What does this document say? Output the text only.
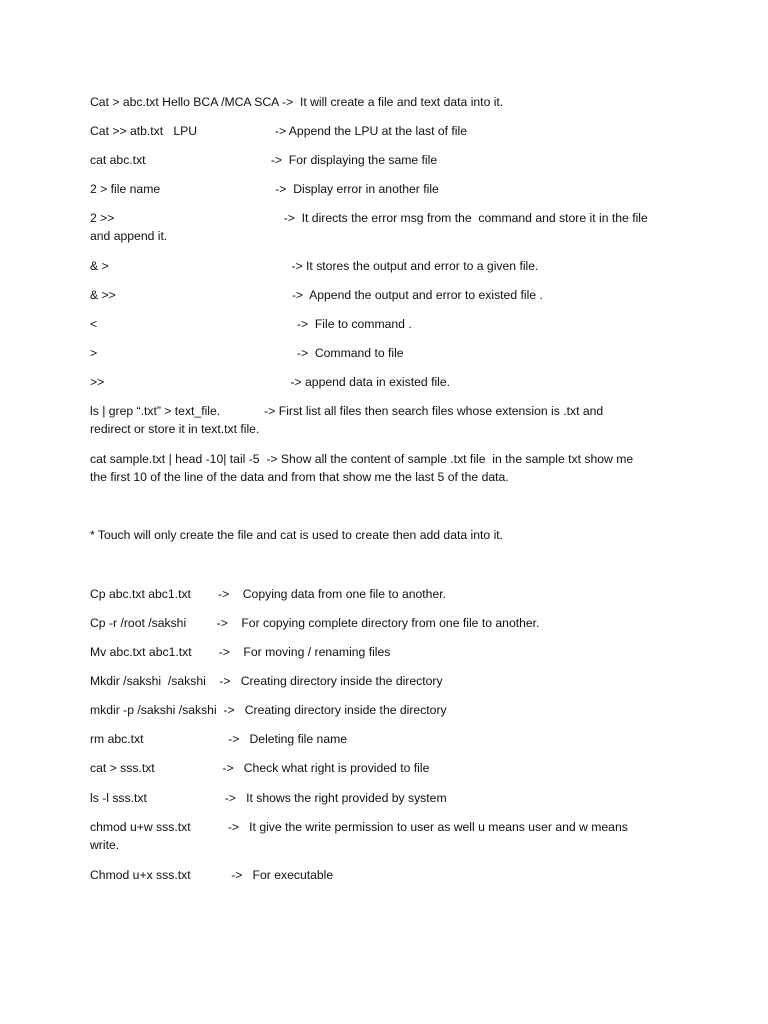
Cat > abc.txt Hello BCA /MCA SCA ->  It will create a file and text data into it.
Cat >> atb.txt   LPU                       -> Append the LPU at the last of file
cat abc.txt                                     ->  For displaying the same file
2 > file name                                  ->  Display error in another file
2 >>                                                  ->  It directs the error msg from the  command and store it in the file
and append it.
& >                                                      -> It stores the output and error to a given file.
& >>                                                    ->  Append the output and error to existed file .
<                                                           ->  File to command .
>                                                           ->  Command to file
>>                                                       -> append data in existed file.
ls | grep “.txt” > text_file.             -> First list all files then search files whose extension is .txt and
redirect or store it in text.txt file.
cat sample.txt | head -10| tail -5  -> Show all the content of sample .txt file  in the sample txt show me
the first 10 of the line of the data and from that show me the last 5 of the data.
* Touch will only create the file and cat is used to create then add data into it.
Cp abc.txt abc1.txt        ->    Copying data from one file to another.
Cp -r /root /sakshi         ->    For copying complete directory from one file to another.
Mv abc.txt abc1.txt        ->    For moving / renaming files
Mkdir /sakshi  /sakshi    ->   Creating directory inside the directory
mkdir -p /sakshi /sakshi  ->   Creating directory inside the directory
rm abc.txt                         ->   Deleting file name
cat > sss.txt                    ->   Check what right is provided to file
ls -l sss.txt                       ->   It shows the right provided by system
chmod u+w sss.txt           ->   It give the write permission to user as well u means user and w means
write.
Chmod u+x sss.txt            ->   For executable
